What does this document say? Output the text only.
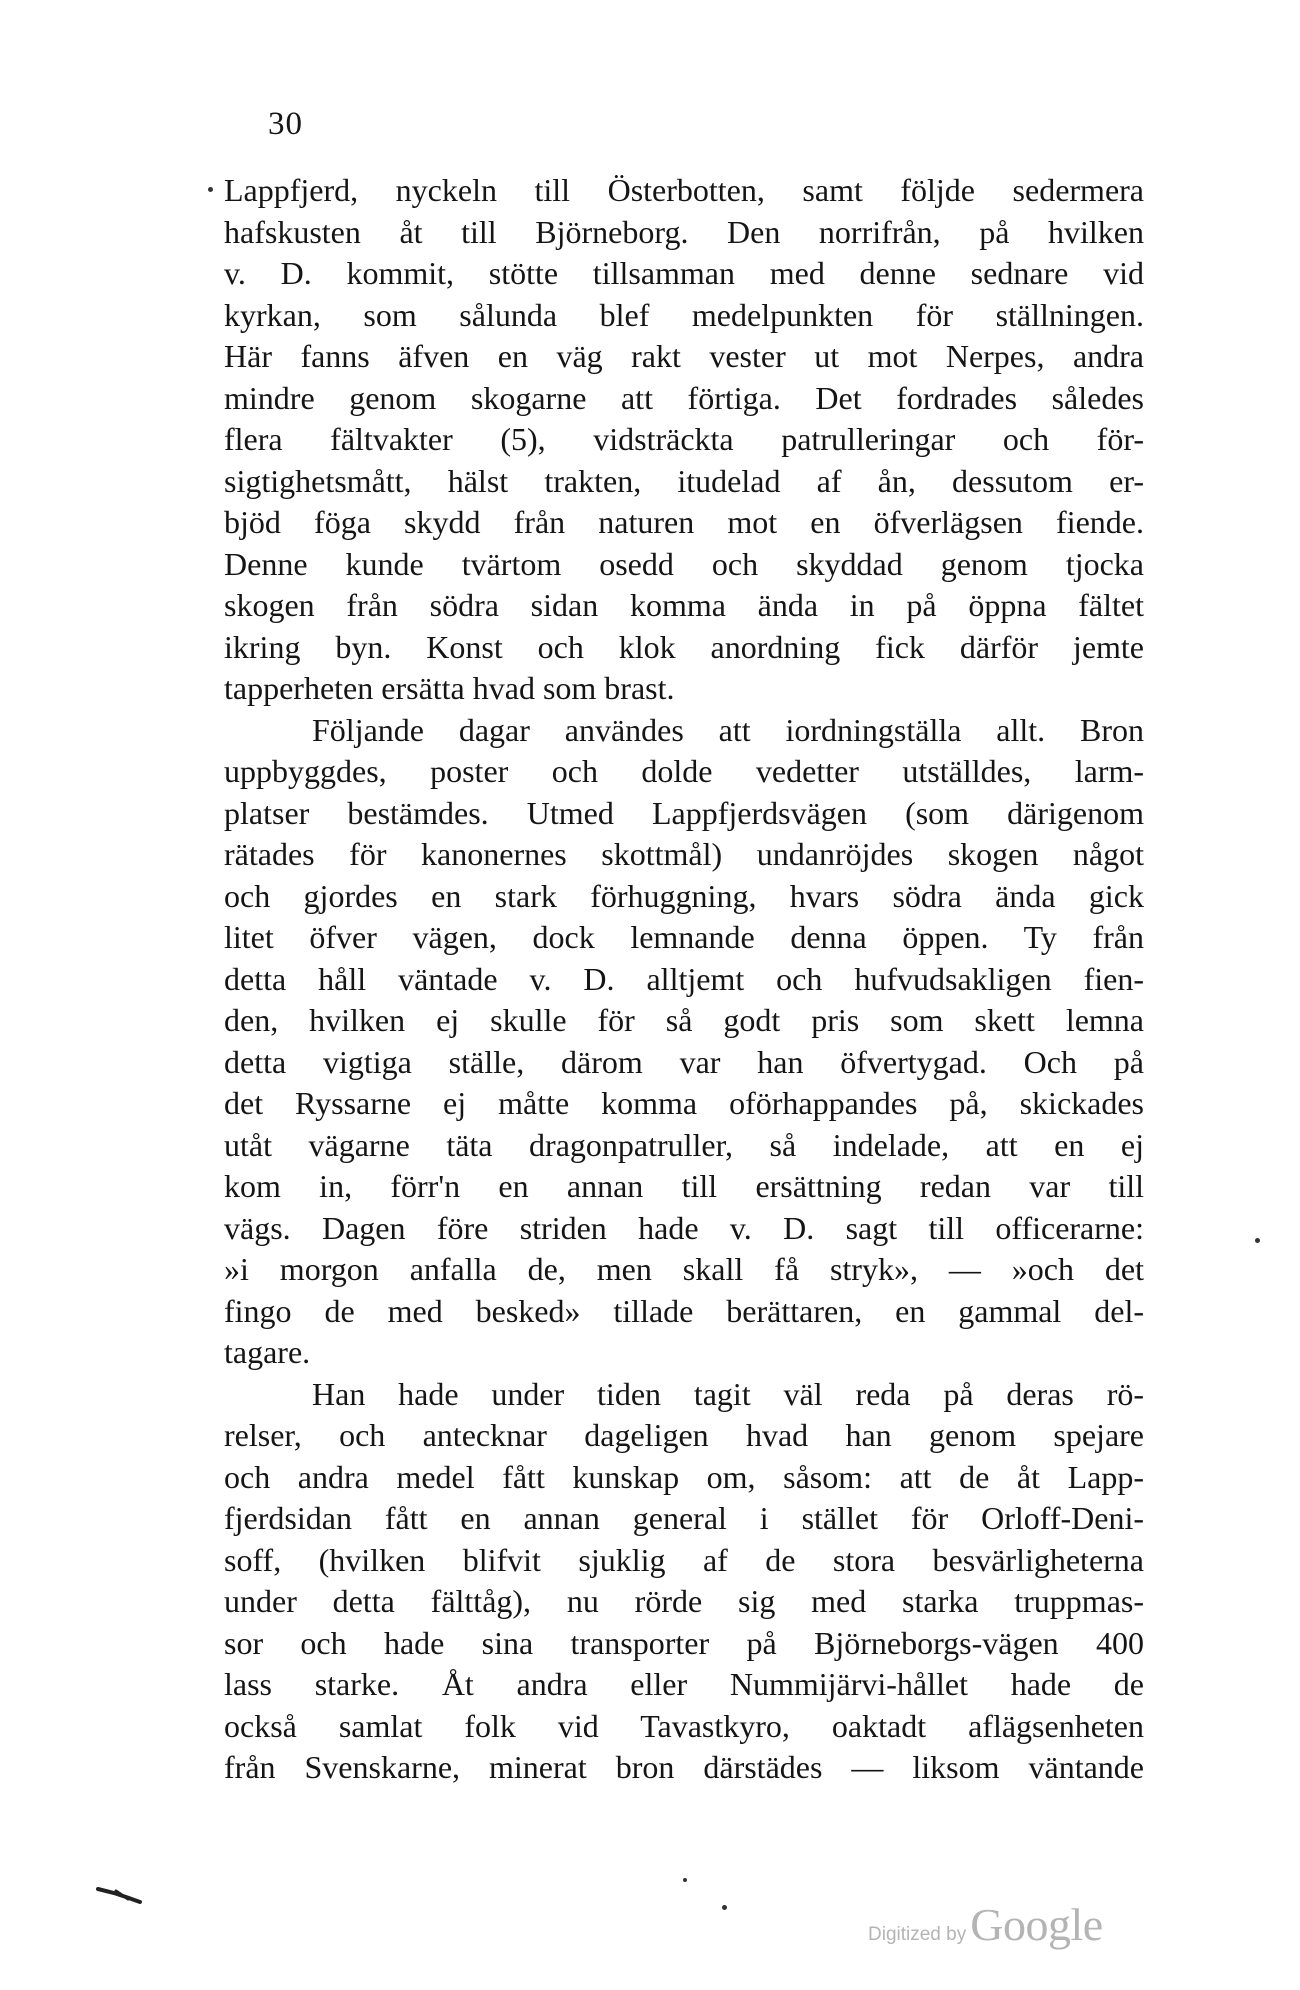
30
Lappfjerd, nyckeln till Österbotten, samt följde sedermera
hafskusten åt till Björneborg. Den norrifrån, på hvilken
v. D. kommit, stötte tillsamman med denne sednare vid
kyrkan, som sålunda blef medelpunkten för ställningen.
Här fanns äfven en väg rakt vester ut mot Nerpes, andra
mindre genom skogarne att förtiga. Det fordrades således
flera fältvakter (5), vidsträckta patrulleringar och för-
sigtighetsmått, hälst trakten, itudelad af ån, dessutom er-
bjöd föga skydd från naturen mot en öfverlägsen fiende.
Denne kunde tvärtom osedd och skyddad genom tjocka
skogen från södra sidan komma ända in på öppna fältet
ikring byn. Konst och klok anordning fick därför jemte
tapperheten ersätta hvad som brast.
Följande dagar användes att iordningställa allt. Bron
uppbyggdes, poster och dolde vedetter utställdes, larm-
platser bestämdes. Utmed Lappfjerdsvägen (som därigenom
rätades för kanonernes skottmål) undanröjdes skogen något
och gjordes en stark förhuggning, hvars södra ända gick
litet öfver vägen, dock lemnande denna öppen. Ty från
detta håll väntade v. D. alltjemt och hufvudsakligen fien-
den, hvilken ej skulle för så godt pris som skett lemna
detta vigtiga ställe, därom var han öfvertygad. Och på
det Ryssarne ej måtte komma oförhappandes på, skickades
utåt vägarne täta dragonpatruller, så indelade, att en ej
kom in, förr'n en annan till ersättning redan var till
vägs. Dagen före striden hade v. D. sagt till officerarne:
»i morgon anfalla de, men skall få stryk», — »och det
fingo de med besked» tillade berättaren, en gammal del-
tagare.
Han hade under tiden tagit väl reda på deras rö-
relser, och antecknar dageligen hvad han genom spejare
och andra medel fått kunskap om, såsom: att de åt Lapp-
fjerdsidan fått en annan general i stället för Orloff-Deni-
soff, (hvilken blifvit sjuklig af de stora besvärligheterna
under detta fälttåg), nu rörde sig med starka truppmas-
sor och hade sina transporter på Björneborgs-vägen 400
lass starke. Åt andra eller Nummijärvi-hållet hade de
också samlat folk vid Tavastkyro, oaktadt aflägsenheten
från Svenskarne, minerat bron därstädes — liksom väntande
Digitized by Google
